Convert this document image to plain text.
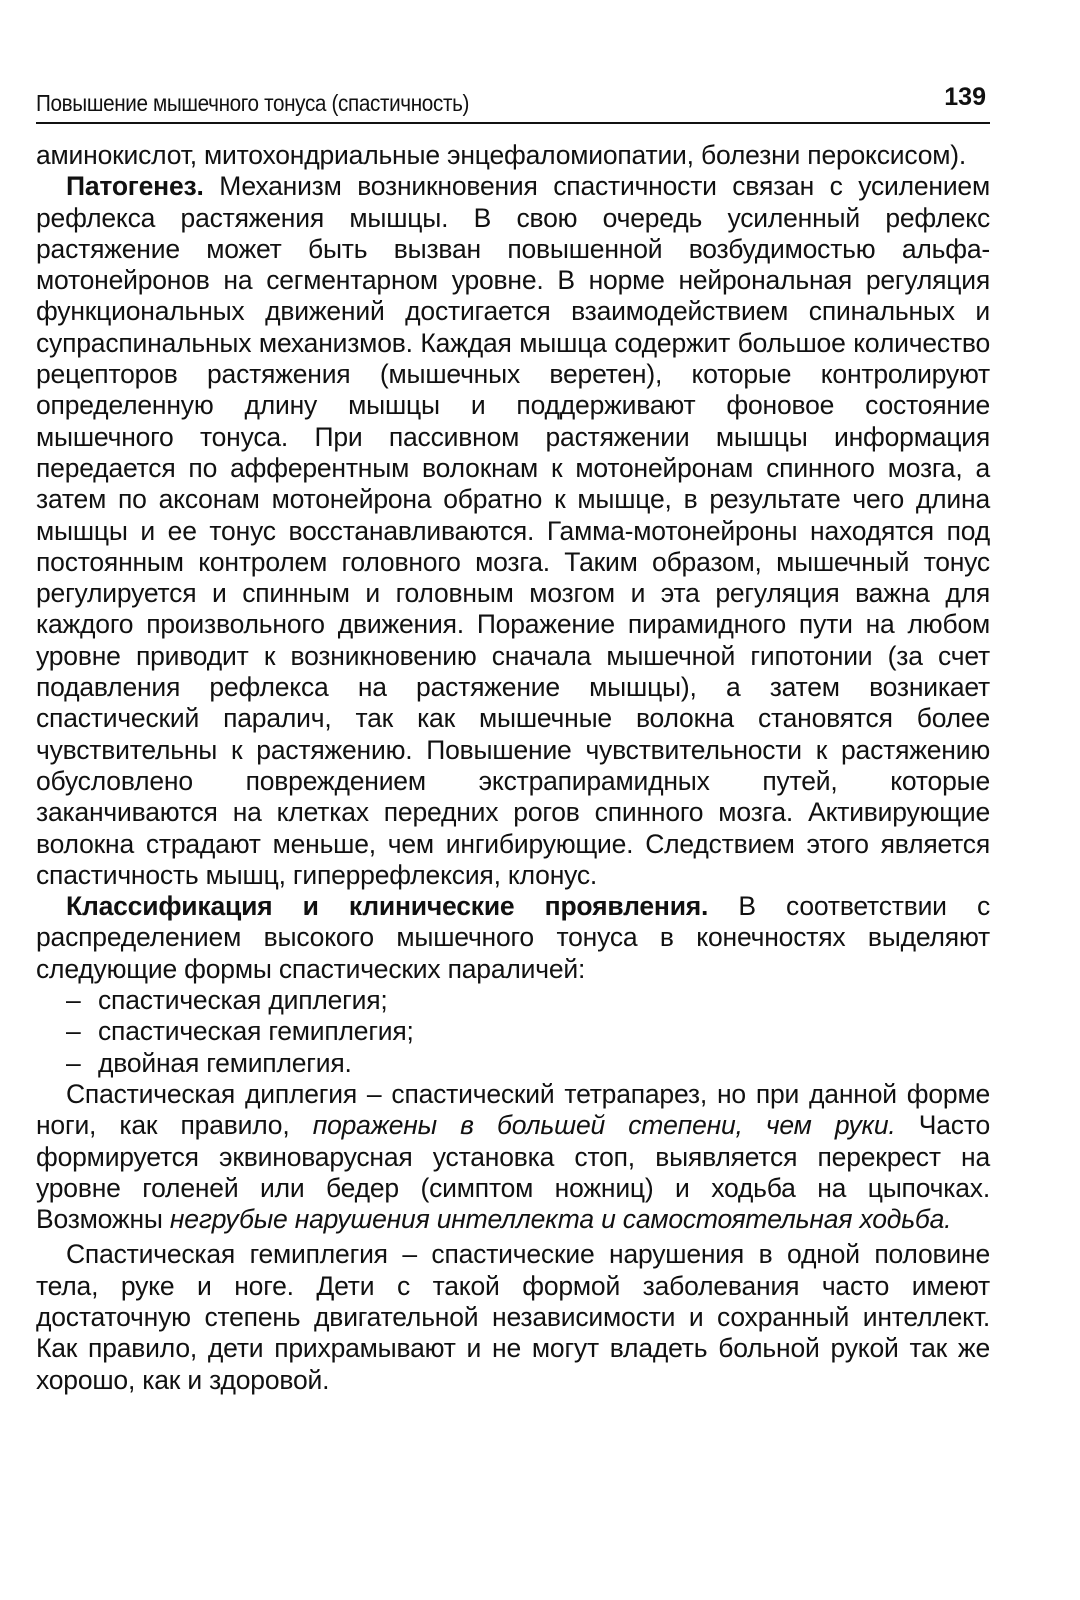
Повышение мышечного тонуса (спастичность)	139

аминокислот, митохондриальные энцефаломиопатии, болезни пероксисом).

Патогенез. Механизм возникновения спастичности связан с усилением рефлекса растяжения мышцы. В свою очередь усиленный рефлекс растяжение может быть вызван повышенной возбудимостью альфа-мотонейронов на сегментарном уровне. В норме нейрональная регуляция функциональных движений достигается взаимодействием спинальных и супраспинальных механизмов. Каждая мышца содержит большое количество рецепторов растяжения (мышечных веретен), которые контролируют определенную длину мышцы и поддерживают фоновое состояние мышечного тонуса. При пассивном растяжении мышцы информация передается по афферентным волокнам к мотонейронам спинного мозга, а затем по аксонам мотонейрона обратно к мышце, в результате чего длина мышцы и ее тонус восстанавливаются. Гамма-мотонейроны находятся под постоянным контролем головного мозга. Таким образом, мышечный тонус регулируется и спинным и головным мозгом и эта регуляция важна для каждого произвольного движения. Поражение пирамидного пути на любом уровне приводит к возникновению сначала мышечной гипотонии (за счет подавления рефлекса на растяжение мышцы), а затем возникает спастический паралич, так как мышечные волокна становятся более чувствительны к растяжению. Повышение чувствительности к растяжению обусловлено повреждением экстрапирамидных путей, которые заканчиваются на клетках передних рогов спинного мозга. Активирующие волокна страдают меньше, чем ингибирующие. Следствием этого является спастичность мышц, гиперрефлексия, клонус.

Классификация и клинические проявления. В соответствии с распределением высокого мышечного тонуса в конечностях выделяют следующие формы спастических параличей:

– спастическая диплегия;
– спастическая гемиплегия;
– двойная гемиплегия.

Спастическая диплегия – спастический тетрапарез, но при данной форме ноги, как правило, поражены в большей степени, чем руки. Часто формируется эквиноварусная установка стоп, выявляется перекрест на уровне голеней или бедер (симптом ножниц) и ходьба на цыпочках. Возможны негрубые нарушения интеллекта и самостоятельная ходьба.

Спастическая гемиплегия – спастические нарушения в одной половине тела, руке и ноге. Дети с такой формой заболевания часто имеют достаточную степень двигательной независимости и сохранный интеллект. Как правило, дети прихрамывают и не могут владеть больной рукой так же хорошо, как и здоровой.
